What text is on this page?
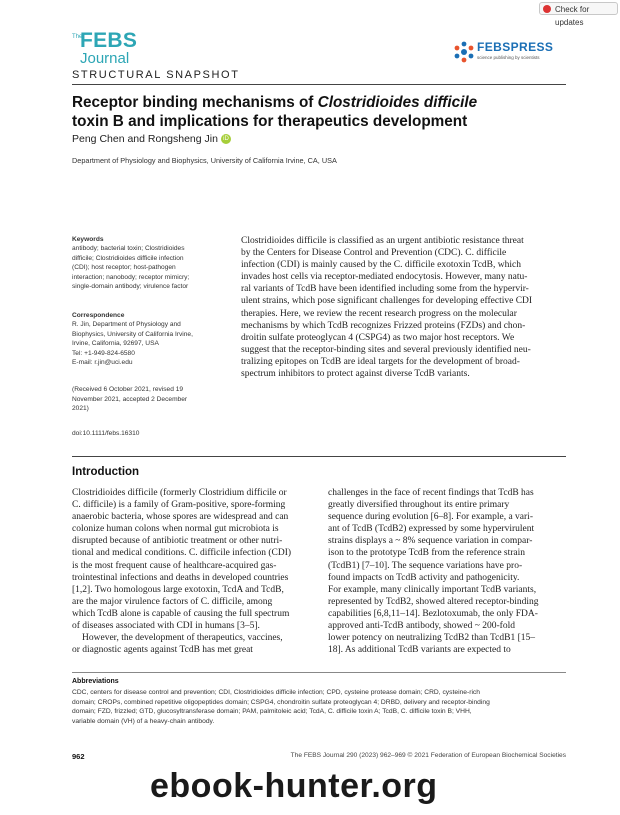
Check for updates
The
FEBS
Journal
FEBSPRESS
science publishing by scientists
STRUCTURAL SNAPSHOT
Receptor binding mechanisms of Clostridioides difficile
toxin B and implications for therapeutics development
Peng Chen and Rongsheng Jin iD
Department of Physiology and Biophysics, University of California Irvine, CA, USA
Keywords
antibody; bacterial toxin; Clostridioides
difficile; Clostridioides difficile infection
(CDI); host receptor; host-pathogen
interaction; nanobody; receptor mimicry;
single-domain antibody; virulence factor
Correspondence
R. Jin, Department of Physiology and
Biophysics, University of California Irvine,
Irvine, California, 92697, USA
Tel: +1-949-824-6580
E-mail: r.jin@uci.edu
(Received 6 October 2021, revised 19
November 2021, accepted 2 December
2021)
doi:10.1111/febs.16310
Clostridioides difficile is classified as an urgent antibiotic resistance threat
by the Centers for Disease Control and Prevention (CDC). C. difficile
infection (CDI) is mainly caused by the C. difficile exotoxin TcdB, which
invades host cells via receptor-mediated endocytosis. However, many natu-
ral variants of TcdB have been identified including some from the hypervir-
ulent strains, which pose significant challenges for developing effective CDI
therapies. Here, we review the recent research progress on the molecular
mechanisms by which TcdB recognizes Frizzed proteins (FZDs) and chon-
droitin sulfate proteoglycan 4 (CSPG4) as two major host receptors. We
suggest that the receptor-binding sites and several previously identified neu-
tralizing epitopes on TcdB are ideal targets for the development of broad-
spectrum inhibitors to protect against diverse TcdB variants.
Introduction
Clostridioides difficile (formerly Clostridium difficile or
C. difficile) is a family of Gram-positive, spore-forming
anaerobic bacteria, whose spores are widespread and can
colonize human colons when normal gut microbiota is
disrupted because of antibiotic treatment or other nutri-
tional and medical conditions. C. difficile infection (CDI)
is the most frequent cause of healthcare-acquired gas-
trointestinal infections and deaths in developed countries
[1,2]. Two homologous large exotoxin, TcdA and TcdB,
are the major virulence factors of C. difficile, among
which TcdB alone is capable of causing the full spectrum
of diseases associated with CDI in humans [3–5].
However, the development of therapeutics, vaccines,
or diagnostic agents against TcdB has met great
challenges in the face of recent findings that TcdB has
greatly diversified throughout its entire primary
sequence during evolution [6–8]. For example, a vari-
ant of TcdB (TcdB2) expressed by some hypervirulent
strains displays a ~ 8% sequence variation in compar-
ison to the prototype TcdB from the reference strain
(TcdB1) [7–10]. The sequence variations have pro-
found impacts on TcdB activity and pathogenicity.
For example, many clinically important TcdB variants,
represented by TcdB2, showed altered receptor-binding
capabilities [6,8,11–14]. Bezlotoxumab, the only FDA-
approved anti-TcdB antibody, showed ~ 200-fold
lower potency on neutralizing TcdB2 than TcdB1 [15–
18]. As additional TcdB variants are expected to
Abbreviations
CDC, centers for disease control and prevention; CDI, Clostridioides difficile infection; CPD, cysteine protease domain; CRD, cysteine-rich
domain; CROPs, combined repetitive oligopeptides domain; CSPG4, chondroitin sulfate proteoglycan 4; DRBD, delivery and receptor-binding
domain; FZD, frizzled; GTD, glucosyltransferase domain; PAM, palmitoleic acid; TcdA, C. difficile toxin A; TcdB, C. difficile toxin B; VHH,
variable domain (VH) of a heavy-chain antibody.
962	The FEBS Journal 290 (2023) 962–969 © 2021 Federation of European Biochemical Societies
ebook-hunter.org
